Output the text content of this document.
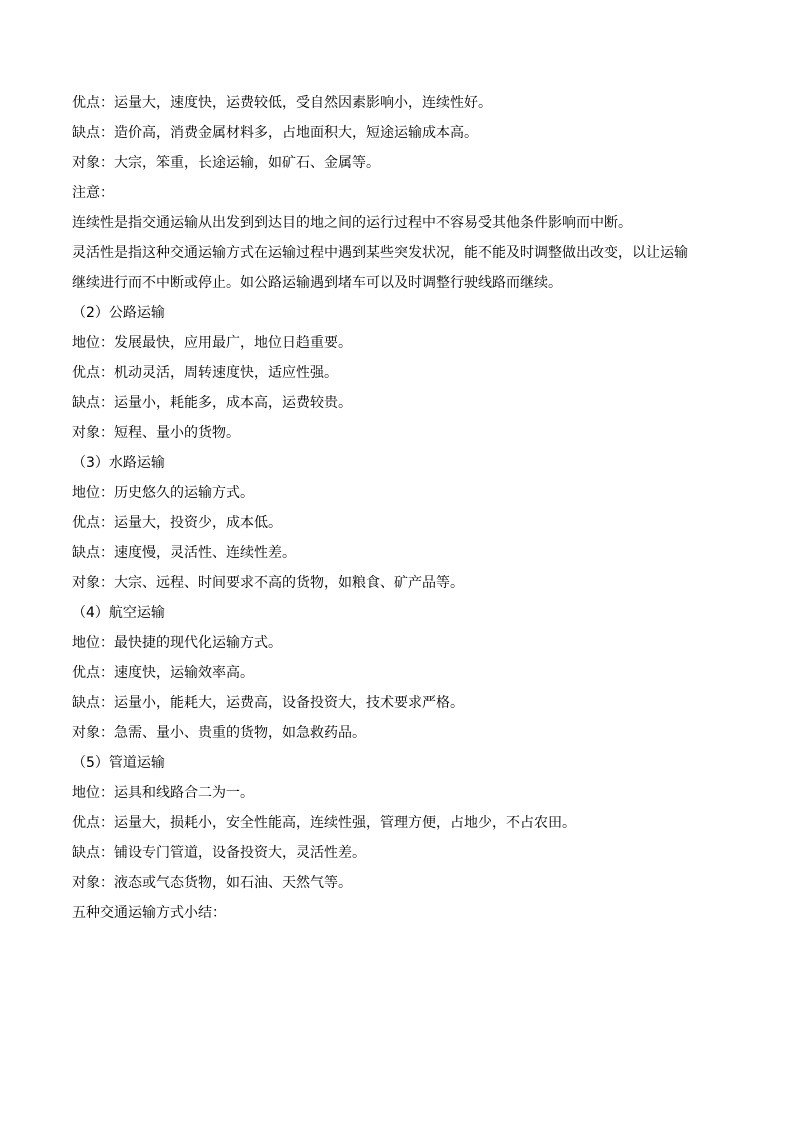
优点：运量大，速度快，运费较低，受自然因素影响小，连续性好。
缺点：造价高，消费金属材料多，占地面积大，短途运输成本高。
对象：大宗，笨重，长途运输，如矿石、金属等。
注意：
连续性是指交通运输从出发到到达目的地之间的运行过程中不容易受其他条件影响而中断。
灵活性是指这种交通运输方式在运输过程中遇到某些突发状况，能不能及时调整做出改变，以让运输
继续进行而不中断或停止。如公路运输遇到堵车可以及时调整行驶线路而继续。
（2）公路运输
地位：发展最快，应用最广，地位日趋重要。
优点：机动灵活，周转速度快，适应性强。
缺点：运量小，耗能多，成本高，运费较贵。
对象：短程、量小的货物。
（3）水路运输
地位：历史悠久的运输方式。
优点：运量大，投资少，成本低。
缺点：速度慢，灵活性、连续性差。
对象：大宗、远程、时间要求不高的货物，如粮食、矿产品等。
（4）航空运输
地位：最快捷的现代化运输方式。
优点：速度快，运输效率高。
缺点：运量小，能耗大，运费高，设备投资大，技术要求严格。
对象：急需、量小、贵重的货物，如急救药品。
（5）管道运输
地位：运具和线路合二为一。
优点：运量大，损耗小，安全性能高，连续性强，管理方便，占地少，不占农田。
缺点：铺设专门管道，设备投资大，灵活性差。
对象：液态或气态货物，如石油、天然气等。
五种交通运输方式小结：
